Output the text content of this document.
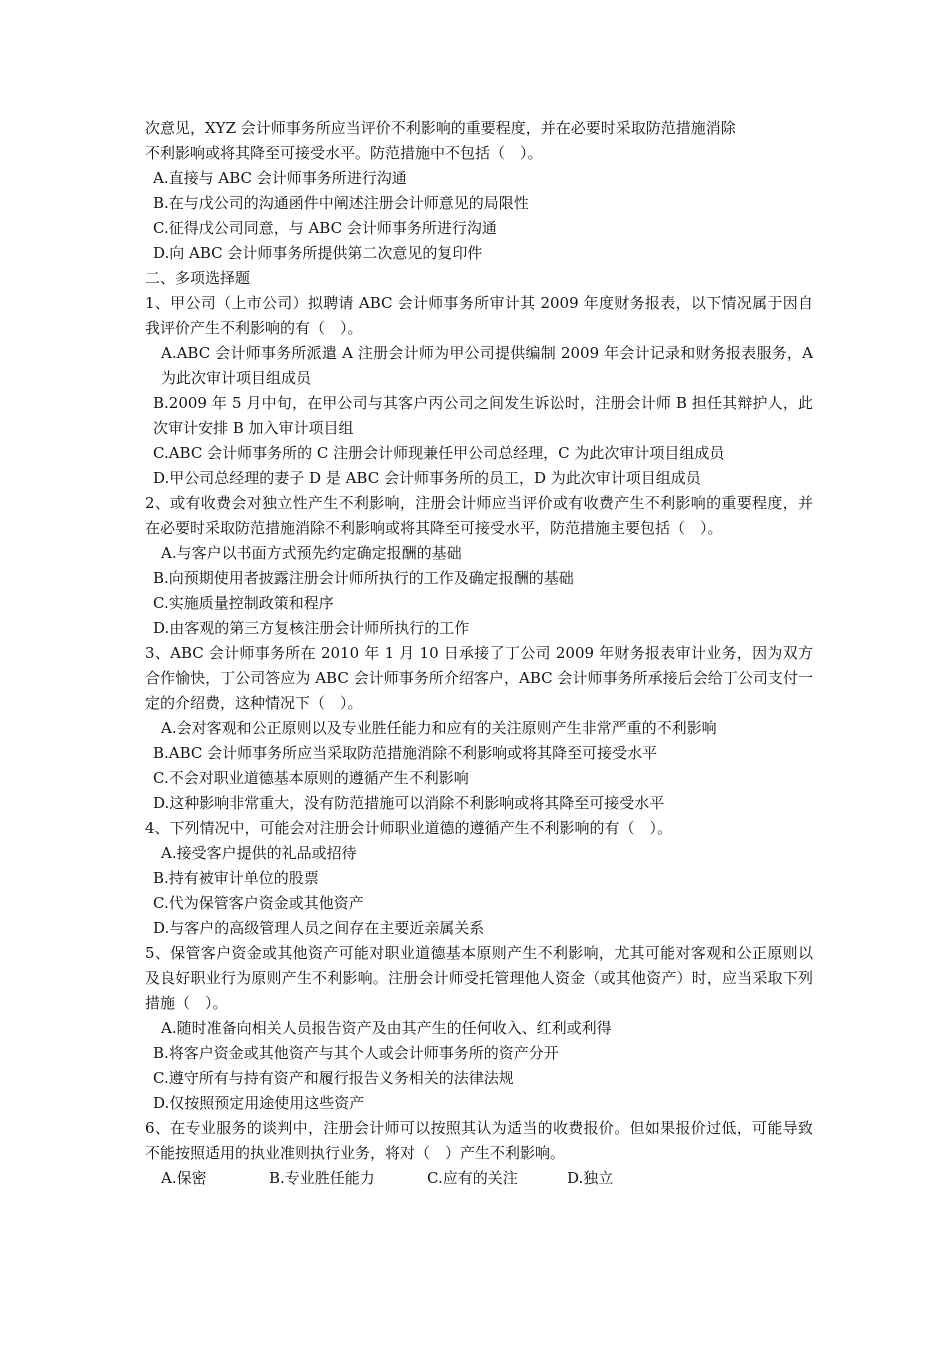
次意见，XYZ 会计师事务所应当评价不利影响的重要程度，并在必要时采取防范措施消除

不利影响或将其降至可接受水平。防范措施中不包括（　）。

A.直接与 ABC 会计师事务所进行沟通

B.在与戊公司的沟通函件中阐述注册会计师意见的局限性

C.征得戊公司同意，与 ABC 会计师事务所进行沟通

D.向 ABC 会计师事务所提供第二次意见的复印件

二、多项选择题

1、甲公司（上市公司）拟聘请 ABC 会计师事务所审计其 2009 年度财务报表，以下情况属于因自我评价产生不利影响的有（　）。

A.ABC 会计师事务所派遣 A 注册会计师为甲公司提供编制 2009 年会计记录和财务报表服务，A 为此次审计项目组成员

B.2009 年 5 月中旬，在甲公司与其客户丙公司之间发生诉讼时，注册会计师 B 担任其辩护人，此次审计安排 B 加入审计项目组

C.ABC 会计师事务所的 C 注册会计师现兼任甲公司总经理，C 为此次审计项目组成员

D.甲公司总经理的妻子 D 是 ABC 会计师事务所的员工，D 为此次审计项目组成员

2、或有收费会对独立性产生不利影响，注册会计师应当评价或有收费产生不利影响的重要程度，并在必要时采取防范措施消除不利影响或将其降至可接受水平，防范措施主要包括（　）。

A.与客户以书面方式预先约定确定报酬的基础

B.向预期使用者披露注册会计师所执行的工作及确定报酬的基础

C.实施质量控制政策和程序

D.由客观的第三方复核注册会计师所执行的工作

3、ABC 会计师事务所在 2010 年 1 月 10 日承接了丁公司 2009 年财务报表审计业务，因为双方合作愉快，丁公司答应为 ABC 会计师事务所介绍客户，ABC 会计师事务所承接后会给丁公司支付一定的介绍费，这种情况下（　）。

A.会对客观和公正原则以及专业胜任能力和应有的关注原则产生非常严重的不利影响

B.ABC 会计师事务所应当采取防范措施消除不利影响或将其降至可接受水平

C.不会对职业道德基本原则的遵循产生不利影响

D.这种影响非常重大，没有防范措施可以消除不利影响或将其降至可接受水平

4、下列情况中，可能会对注册会计师职业道德的遵循产生不利影响的有（　）。

A.接受客户提供的礼品或招待

B.持有被审计单位的股票

C.代为保管客户资金或其他资产

D.与客户的高级管理人员之间存在主要近亲属关系

5、保管客户资金或其他资产可能对职业道德基本原则产生不利影响，尤其可能对客观和公正原则以及良好职业行为原则产生不利影响。注册会计师受托管理他人资金（或其他资产）时，应当采取下列措施（　）。

A.随时准备向相关人员报告资产及由其产生的任何收入、红利或利得

B.将客户资金或其他资产与其个人或会计师事务所的资产分开

C.遵守所有与持有资产和履行报告义务相关的法律法规

D.仅按照预定用途使用这些资产

6、在专业服务的谈判中，注册会计师可以按照其认为适当的收费报价。但如果报价过低，可能导致不能按照适用的执业准则执行业务，将对（　）产生不利影响。

A.保密	B.专业胜任能力	C.应有的关注	D.独立
